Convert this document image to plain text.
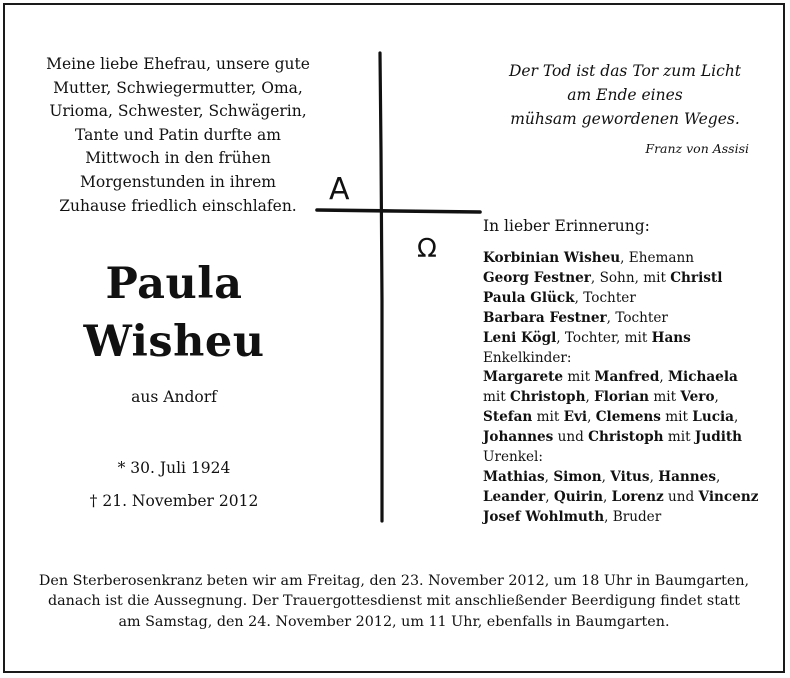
Meine liebe Ehefrau, unsere gute
Mutter, Schwiegermutter, Oma,
Urioma, Schwester, Schwägerin,
Tante und Patin durfte am
Mittwoch in den frühen
Morgenstunden in ihrem
Zuhause friedlich einschlafen.
Paula
Wisheu
aus Andorf
* 30. Juli 1924
† 21. November 2012
A
Ω
Der Tod ist das Tor zum Licht
am Ende eines
mühsam gewordenen Weges.
Franz von Assisi
In lieber Erinnerung:
Korbinian Wisheu, Ehemann
Georg Festner, Sohn, mit Christl
Paula Glück, Tochter
Barbara Festner, Tochter
Leni Kögl, Tochter, mit Hans
Enkelkinder:
Margarete mit Manfred, Michaela
mit Christoph, Florian mit Vero,
Stefan mit Evi, Clemens mit Lucia,
Johannes und Christoph mit Judith
Urenkel:
Mathias, Simon, Vitus, Hannes,
Leander, Quirin, Lorenz und Vincenz
Josef Wohlmuth, Bruder
Den Sterberosenkranz beten wir am Freitag, den 23. November 2012, um 18 Uhr in Baumgarten,
danach ist die Aussegnung. Der Trauergottesdienst mit anschließender Beerdigung findet statt
am Samstag, den 24. November 2012, um 11 Uhr, ebenfalls in Baumgarten.
